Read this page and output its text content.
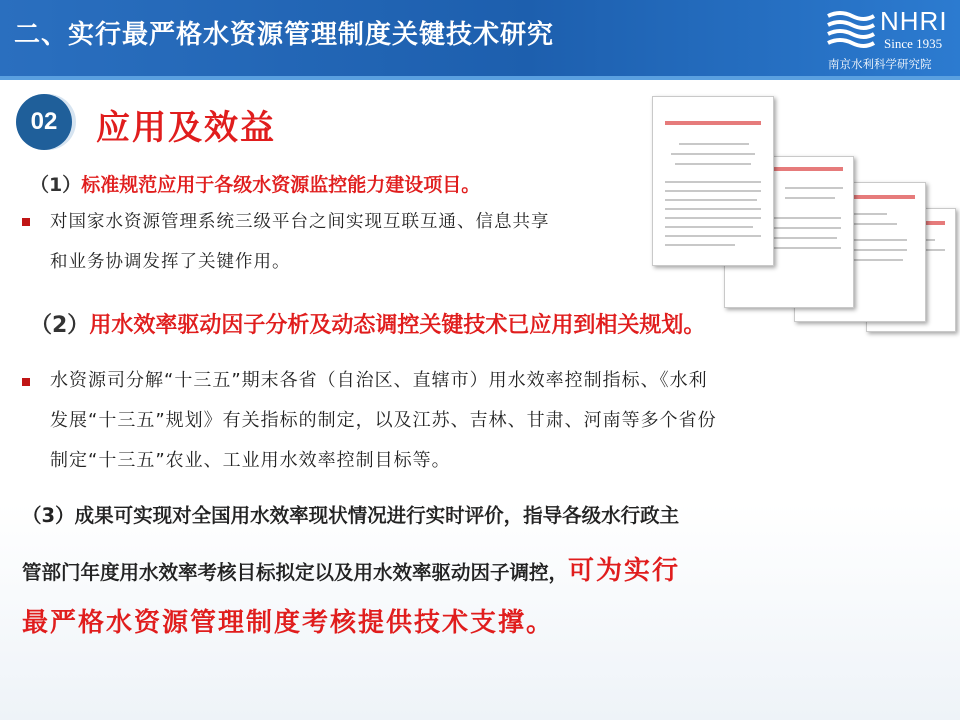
二、实行最严格水资源管理制度关键技术研究	NHRI
Since 1935
南京水利科学研究院
02	应用及效益
（1）标准规范应用于各级水资源监控能力建设项目。
对国家水资源管理系统三级平台之间实现互联互通、信息共享
和业务协调发挥了关键作用。
（2）用水效率驱动因子分析及动态调控关键技术已应用到相关规划。
水资源司分解“十三五”期末各省（自治区、直辖市）用水效率控制指标、《水利
发展“十三五”规划》有关指标的制定，以及江苏、吉林、甘肃、河南等多个省份
制定“十三五”农业、工业用水效率控制目标等。
（3）成果可实现对全国用水效率现状情况进行实时评价，指导各级水行政主
管部门年度用水效率考核目标拟定以及用水效率驱动因子调控，可为实行
最严格水资源管理制度考核提供技术支撑。
